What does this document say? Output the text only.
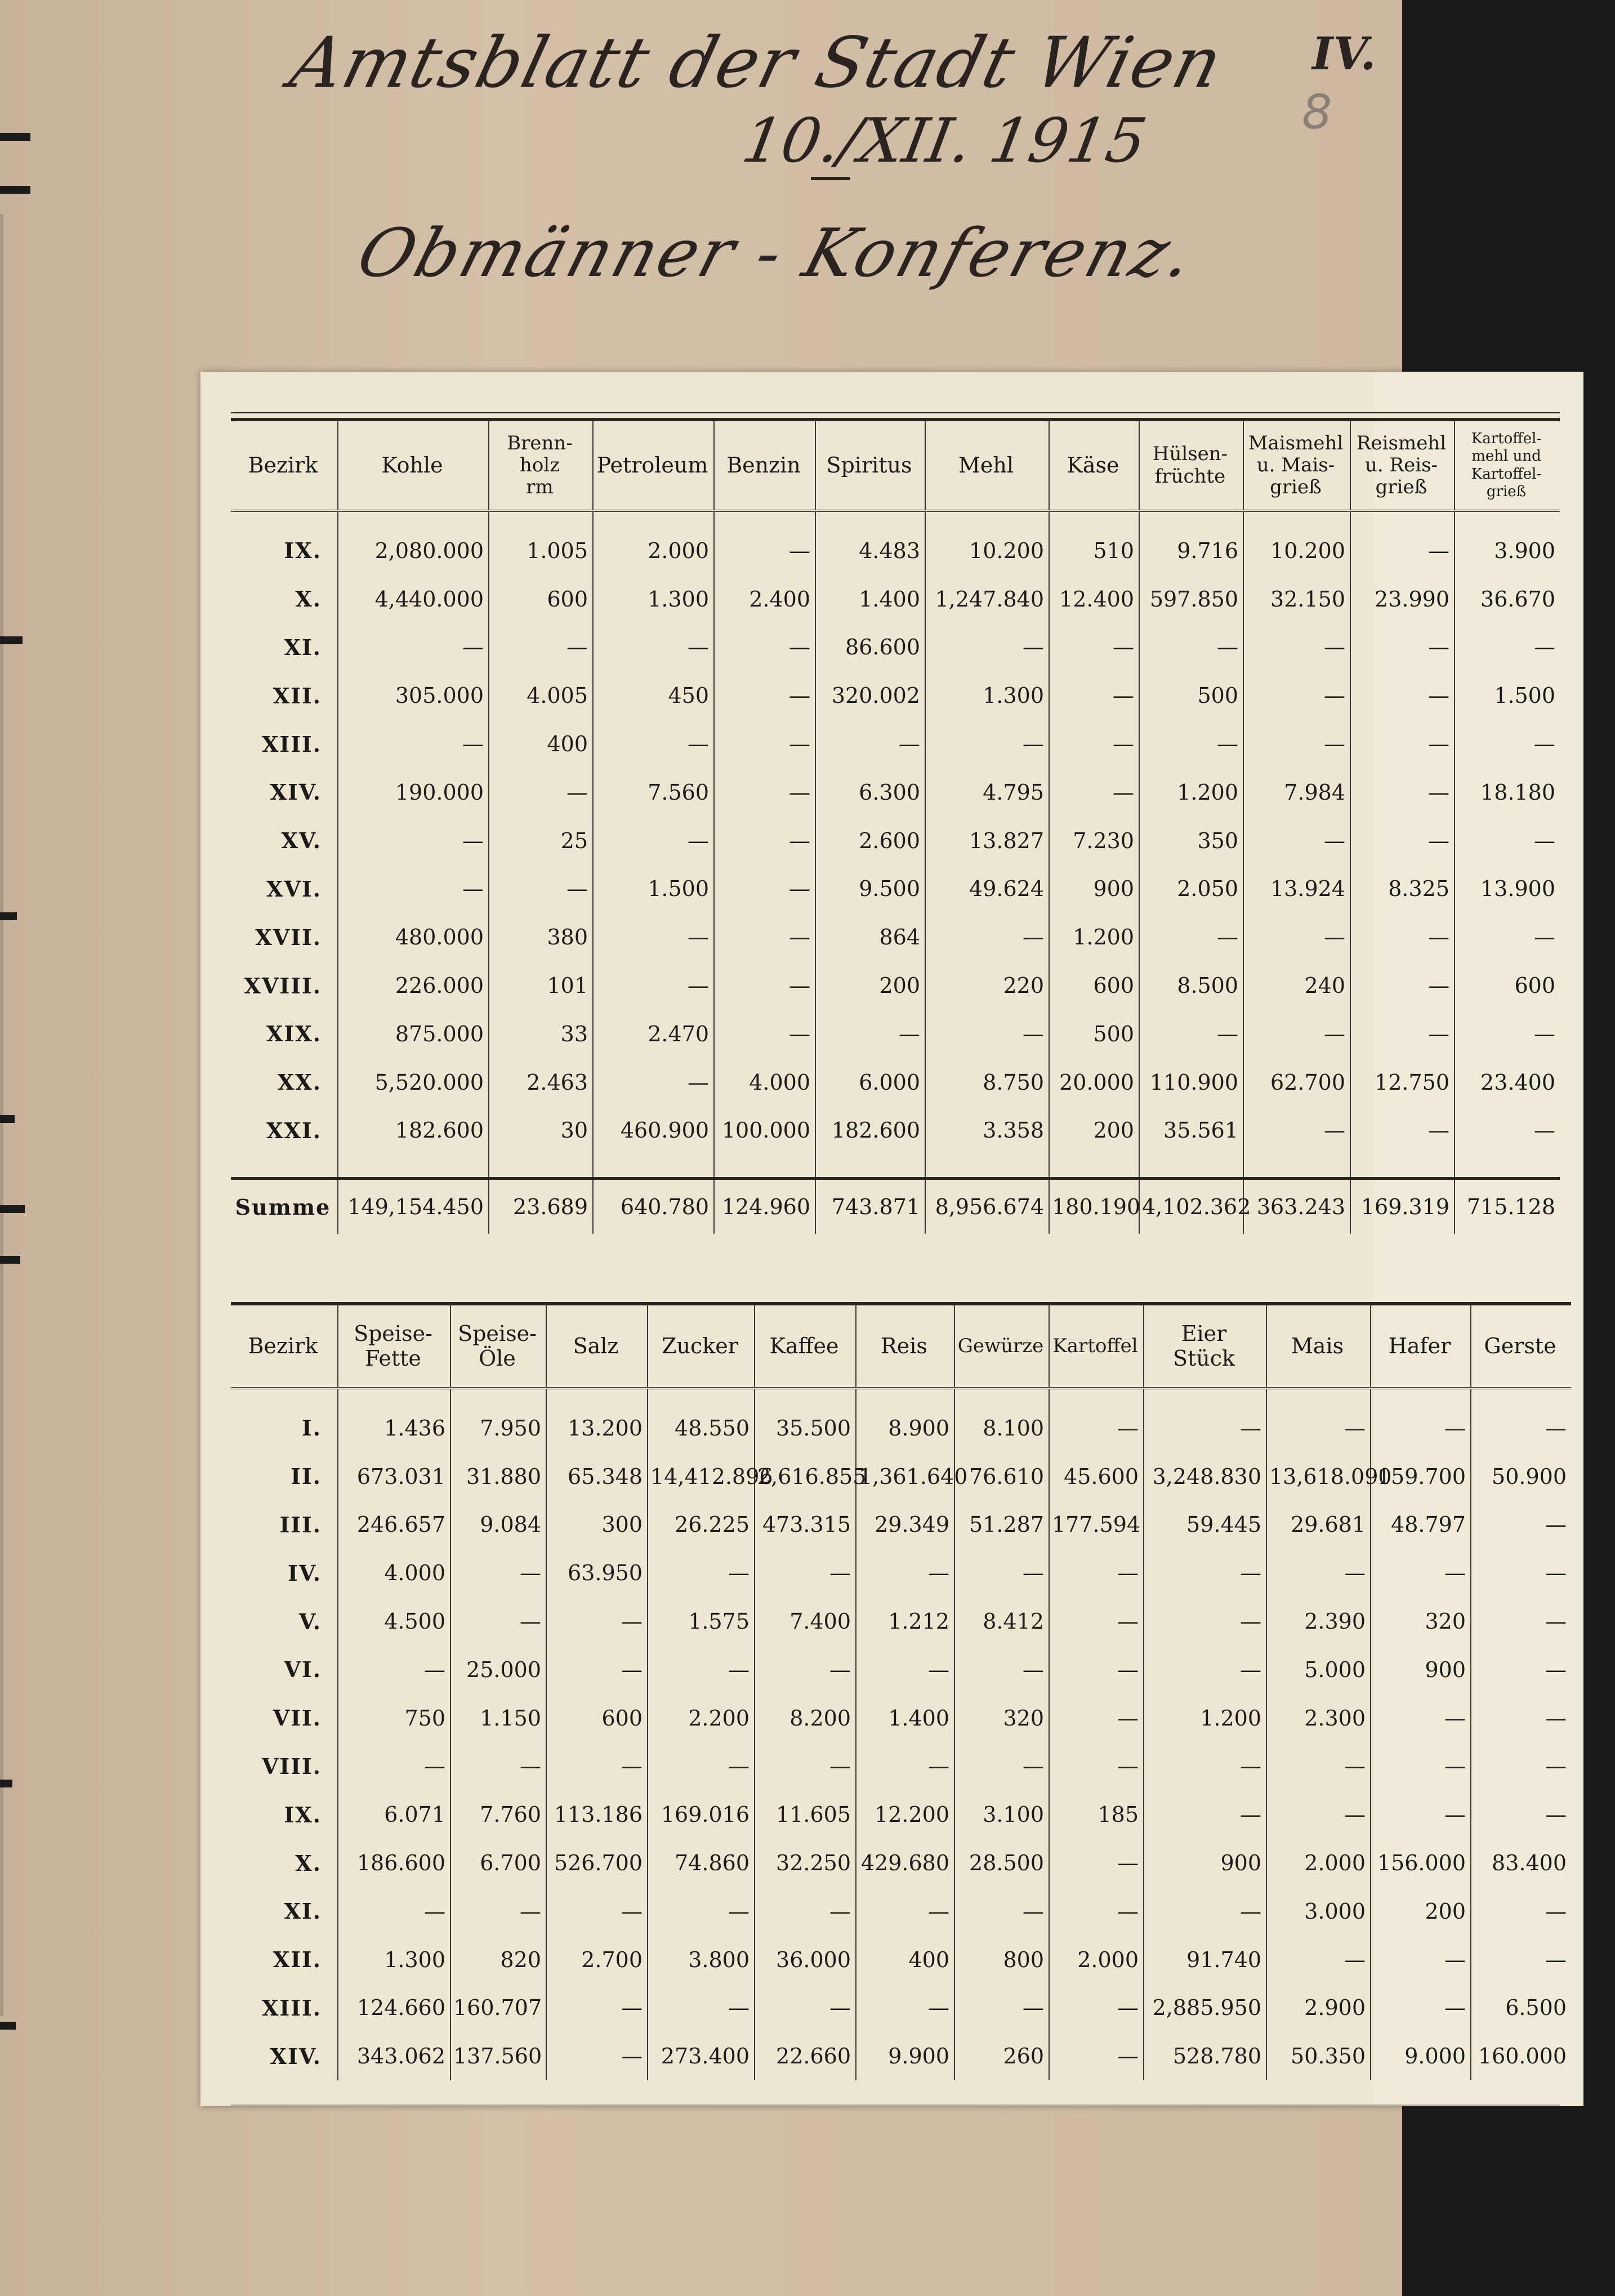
Amtsblatt der Stadt Wien
10./XII. 1915
Obmänner - Konferenz.
IV.
8
Bezirk	Kohle	Brenn-
holz
rm	Petroleum	Benzin	Spiritus	Mehl	Käse	Hülsen-
früchte	Maismehl
u. Mais-
grieß	Reismehl
u. Reis-
grieß	Kartoffel-
mehl und
Kartoffel-
grieß

IX.	2,080.000	1.005	2.000	—	4.483	10.200	510	9.716	10.200	—	3.900
X.	4,440.000	600	1.300	2.400	1.400	1,247.840	12.400	597.850	32.150	23.990	36.670
XI.	—	—	—	—	86.600	—	—	—	—	—	—
XII.	305.000	4.005	450	—	320.002	1.300	—	500	—	—	1.500
XIII.	—	400	—	—	—	—	—	—	—	—	—
XIV.	190.000	—	7.560	—	6.300	4.795	—	1.200	7.984	—	18.180
XV.	—	25	—	—	2.600	13.827	7.230	350	—	—	—
XVI.	—	—	1.500	—	9.500	49.624	900	2.050	13.924	8.325	13.900
XVII.	480.000	380	—	—	864	—	1.200	—	—	—	—
XVIII.	226.000	101	—	—	200	220	600	8.500	240	—	600
XIX.	875.000	33	2.470	—	—	—	500	—	—	—	—
XX.	5,520.000	2.463	—	4.000	6.000	8.750	20.000	110.900	62.700	12.750	23.400
XXI.	182.600	30	460.900	100.000	182.600	3.358	200	35.561	—	—	—

Summe	149,154.450	23.689	640.780	124.960	743.871	8,956.674	180.190	4,102.362	363.243	169.319	715.128
Bezirk	Speise-
Fette	Speise-
Öle	Salz	Zucker	Kaffee	Reis	Gewürze	Kartoffel	Eier
Stück	Mais	Hafer	Gerste

I.	1.436	7.950	13.200	48.550	35.500	8.900	8.100	—	—	—	—	—
II.	673.031	31.880	65.348	14,412.896	2,616.855	1,361.640	76.610	45.600	3,248.830	13,618.090	159.700	50.900
III.	246.657	9.084	300	26.225	473.315	29.349	51.287	177.594	59.445	29.681	48.797	—
IV.	4.000	—	63.950	—	—	—	—	—	—	—	—	—
V.	4.500	—	—	1.575	7.400	1.212	8.412	—	—	2.390	320	—
VI.	—	25.000	—	—	—	—	—	—	—	5.000	900	—
VII.	750	1.150	600	2.200	8.200	1.400	320	—	1.200	2.300	—	—
VIII.	—	—	—	—	—	—	—	—	—	—	—	—
IX.	6.071	7.760	113.186	169.016	11.605	12.200	3.100	185	—	—	—	—
X.	186.600	6.700	526.700	74.860	32.250	429.680	28.500	—	900	2.000	156.000	83.400
XI.	—	—	—	—	—	—	—	—	—	3.000	200	—
XII.	1.300	820	2.700	3.800	36.000	400	800	2.000	91.740	—	—	—
XIII.	124.660	160.707	—	—	—	—	—	—	2,885.950	2.900	—	6.500
XIV.	343.062	137.560	—	273.400	22.660	9.900	260	—	528.780	50.350	9.000	160.000
